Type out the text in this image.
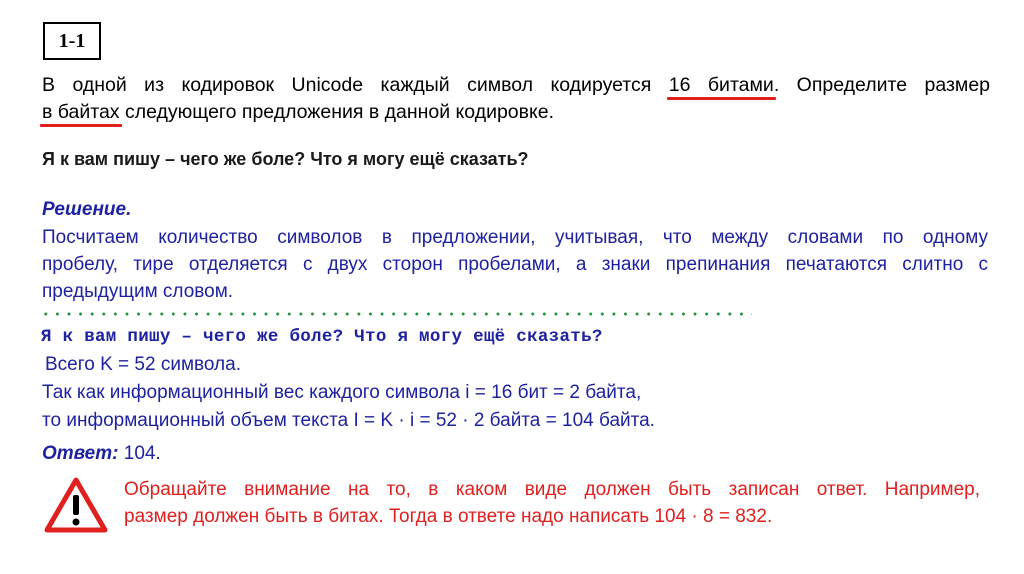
1-1
В одной из кодировок Unicode каждый символ кодируется 16 битами. Определите размер
в байтах следующего предложения в данной кодировке.
Я к вам пишу – чего же боле? Что я могу ещё сказать?
Решение.
Посчитаем количество символов в предложении, учитывая, что между словами по одному
пробелу, тире отделяется с двух сторон пробелами, а знаки препинания печатаются слитно с
предыдущим словом.
Я к вам пишу – чего же боле? Что я могу ещё сказать?
Всего K = 52 символа.
Так как информационный вес каждого символа i = 16 бит = 2 байта,
то информационный объем текста I = K · i = 52 · 2 байта = 104 байта.
Ответ: 104.
Обращайте внимание на то, в каком виде должен быть записан ответ. Например,
размер должен быть в битах. Тогда в ответе надо написать 104 · 8 = 832.
